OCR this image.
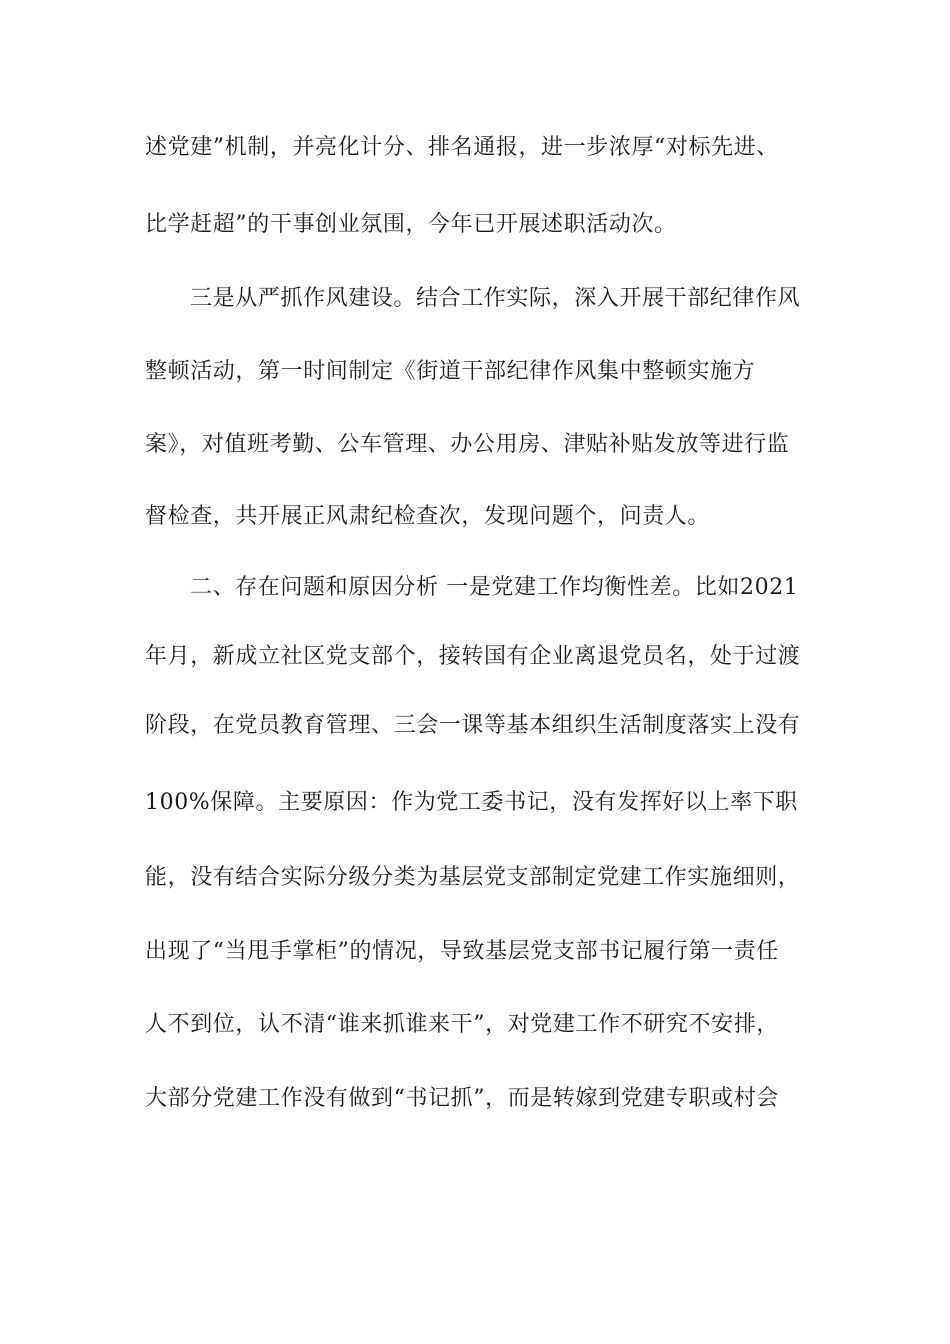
述党建”机制，并亮化计分、排名通报，进一步浓厚“对标先进、
比学赶超”的干事创业氛围，今年已开展述职活动次。
三是从严抓作风建设。结合工作实际，深入开展干部纪律作风
整顿活动，第一时间制定《街道干部纪律作风集中整顿实施方
案》，对值班考勤、公车管理、办公用房、津贴补贴发放等进行监
督检查，共开展正风肃纪检查次，发现问题个，问责人。
二、存在问题和原因分析 一是党建工作均衡性差。比如2021
年月，新成立社区党支部个，接转国有企业离退党员名，处于过渡
阶段，在党员教育管理、三会一课等基本组织生活制度落实上没有
100%保障。主要原因：作为党工委书记，没有发挥好以上率下职
能，没有结合实际分级分类为基层党支部制定党建工作实施细则，
出现了“当甩手掌柜”的情况，导致基层党支部书记履行第一责任
人不到位，认不清“谁来抓谁来干”，对党建工作不研究不安排，
大部分党建工作没有做到“书记抓”，而是转嫁到党建专职或村会
